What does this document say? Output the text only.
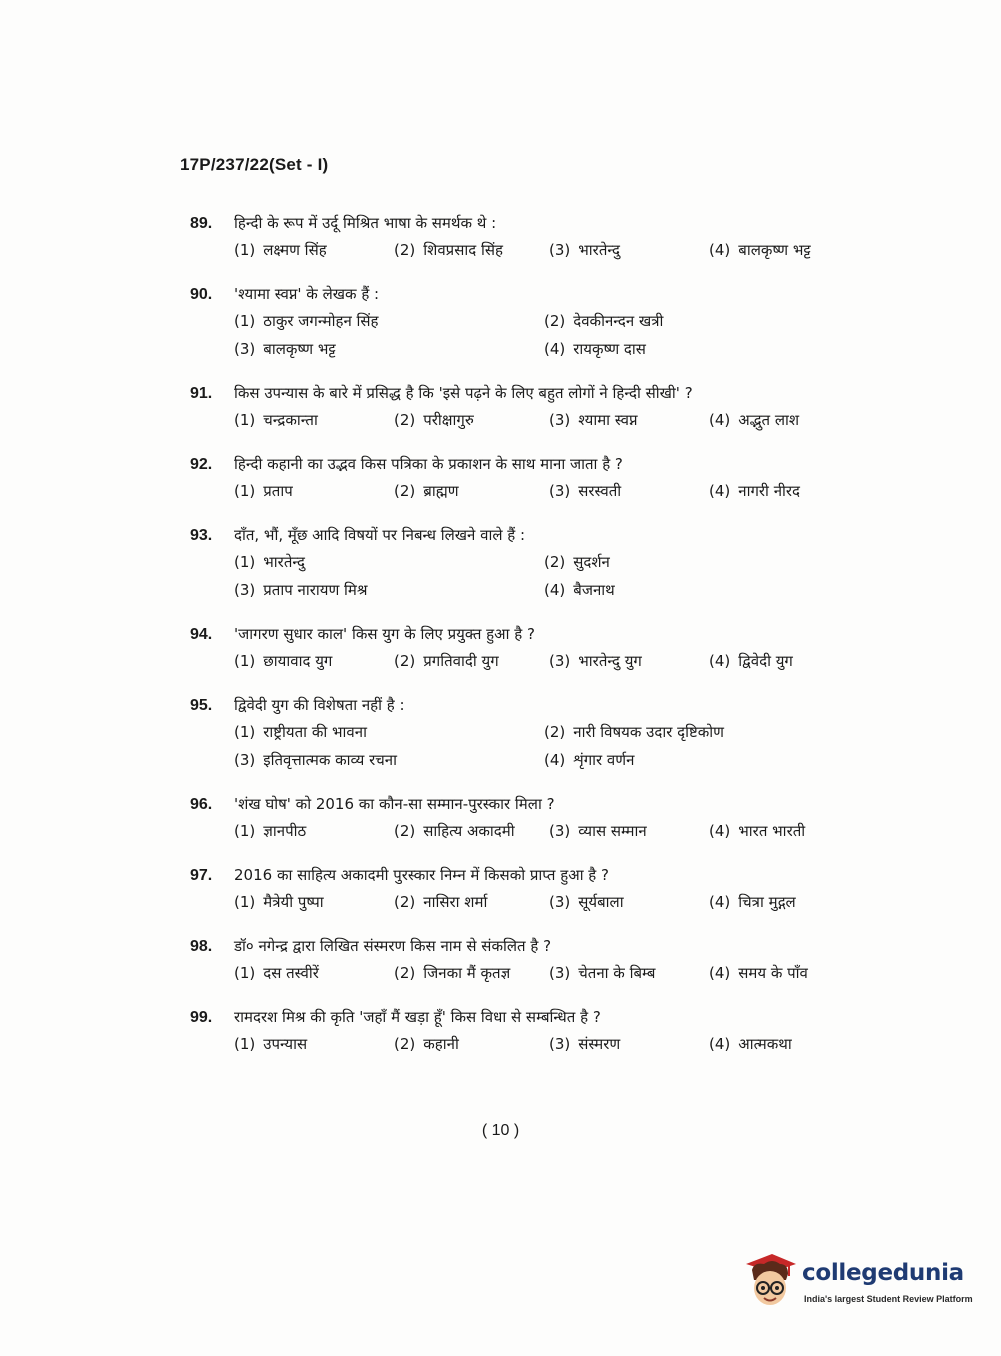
17P/237/22(Set - I)
89.	हिन्दी के रूप में उर्दू मिश्रित भाषा के समर्थक थे :
(1) लक्ष्मण सिंह	(2) शिवप्रसाद सिंह	(3) भारतेन्दु	(4) बालकृष्ण भट्ट
90.	'श्यामा स्वप्न' के लेखक हैं :
(1) ठाकुर जगन्मोहन सिंह	(2) देवकीनन्दन खत्री
(3) बालकृष्ण भट्ट	(4) रायकृष्ण दास
91.	किस उपन्यास के बारे में प्रसिद्ध है कि 'इसे पढ़ने के लिए बहुत लोगों ने हिन्दी सीखी' ?
(1) चन्द्रकान्ता	(2) परीक्षागुरु	(3) श्यामा स्वप्न	(4) अद्भुत लाश
92.	हिन्दी कहानी का उद्भव किस पत्रिका के प्रकाशन के साथ माना जाता है ?
(1) प्रताप	(2) ब्राह्मण	(3) सरस्वती	(4) नागरी नीरद
93.	दाँत, भौं, मूँछ आदि विषयों पर निबन्ध लिखने वाले हैं :
(1) भारतेन्दु	(2) सुदर्शन
(3) प्रताप नारायण मिश्र	(4) बैजनाथ
94.	'जागरण सुधार काल' किस युग के लिए प्रयुक्त हुआ है ?
(1) छायावाद युग	(2) प्रगतिवादी युग	(3) भारतेन्दु युग	(4) द्विवेदी युग
95.	द्विवेदी युग की विशेषता नहीं है :
(1) राष्ट्रीयता की भावना	(2) नारी विषयक उदार दृष्टिकोण
(3) इतिवृत्तात्मक काव्य रचना	(4) शृंगार वर्णन
96.	'शंख घोष' को 2016 का कौन-सा सम्मान-पुरस्कार मिला ?
(1) ज्ञानपीठ	(2) साहित्य अकादमी	(3) व्यास सम्मान	(4) भारत भारती
97.	2016 का साहित्य अकादमी पुरस्कार निम्न में किसको प्राप्त हुआ है ?
(1) मैत्रेयी पुष्पा	(2) नासिरा शर्मा	(3) सूर्यबाला	(4) चित्रा मुद्गल
98.	डॉ० नगेन्द्र द्वारा लिखित संस्मरण किस नाम से संकलित है ?
(1) दस तस्वीरें	(2) जिनका मैं कृतज्ञ	(3) चेतना के बिम्ब	(4) समय के पाँव
99.	रामदरश मिश्र की कृति 'जहाँ मैं खड़ा हूँ' किस विधा से सम्बन्धित है ?
(1) उपन्यास	(2) कहानी	(3) संस्मरण	(4) आत्मकथा
( 10 )
collegedunia
India's largest Student Review Platform
